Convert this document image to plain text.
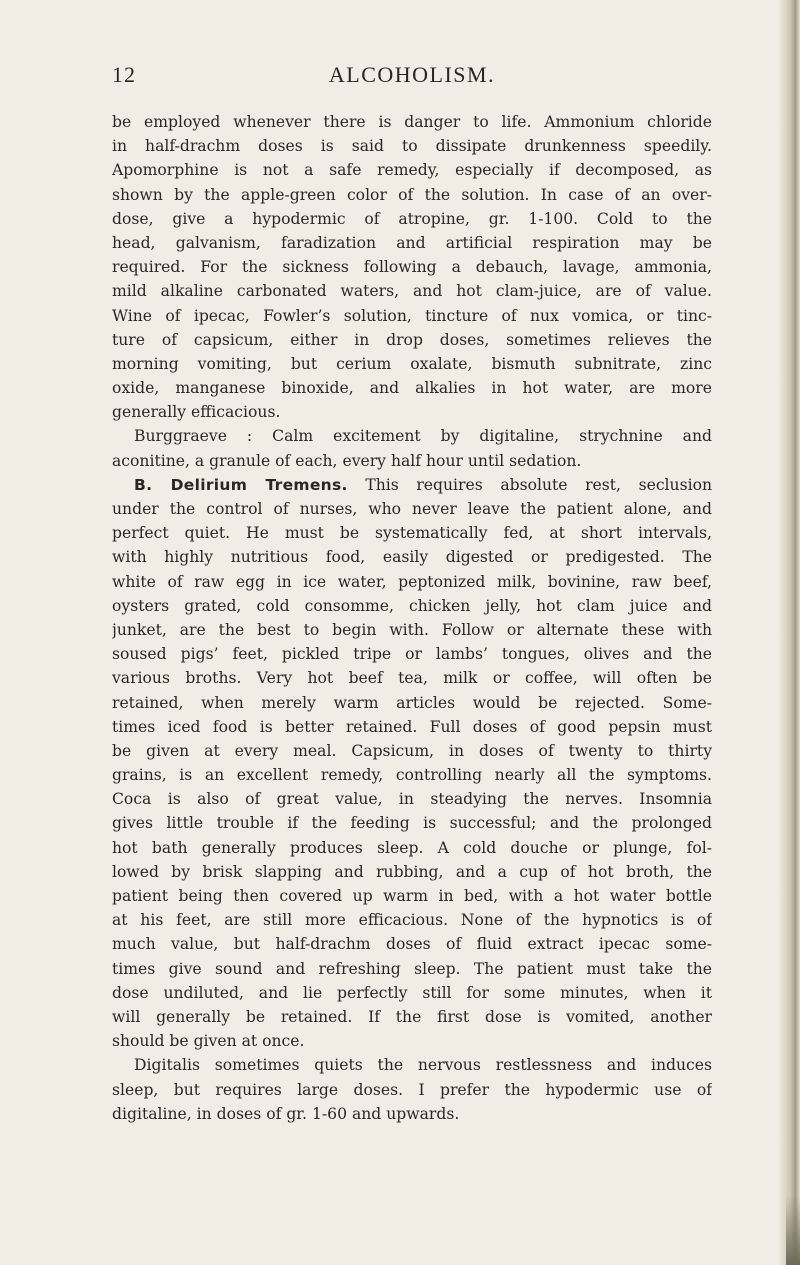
12	ALCOHOLISM.
be employed whenever there is danger to life. Ammonium chloride
in half-drachm doses is said to dissipate drunkenness speedily.
Apomorphine is not a safe remedy, especially if decomposed, as
shown by the apple-green color of the solution. In case of an over-
dose, give a hypodermic of atropine, gr. 1-100. Cold to the
head, galvanism, faradization and artificial respiration may be
required. For the sickness following a debauch, lavage, ammonia,
mild alkaline carbonated waters, and hot clam-juice, are of value.
Wine of ipecac, Fowler’s solution, tincture of nux vomica, or tinc-
ture of capsicum, either in drop doses, sometimes relieves the
morning vomiting, but cerium oxalate, bismuth subnitrate, zinc
oxide, manganese binoxide, and alkalies in hot water, are more
generally efficacious.
Burggraeve : Calm excitement by digitaline, strychnine and
aconitine, a granule of each, every half hour until sedation.
B. Delirium Tremens. This requires absolute rest, seclusion
under the control of nurses, who never leave the patient alone, and
perfect quiet. He must be systematically fed, at short intervals,
with highly nutritious food, easily digested or predigested. The
white of raw egg in ice water, peptonized milk, bovinine, raw beef,
oysters grated, cold consomme, chicken jelly, hot clam juice and
junket, are the best to begin with. Follow or alternate these with
soused pigs’ feet, pickled tripe or lambs’ tongues, olives and the
various broths. Very hot beef tea, milk or coffee, will often be
retained, when merely warm articles would be rejected. Some-
times iced food is better retained. Full doses of good pepsin must
be given at every meal. Capsicum, in doses of twenty to thirty
grains, is an excellent remedy, controlling nearly all the symptoms.
Coca is also of great value, in steadying the nerves. Insomnia
gives little trouble if the feeding is successful; and the prolonged
hot bath generally produces sleep. A cold douche or plunge, fol-
lowed by brisk slapping and rubbing, and a cup of hot broth, the
patient being then covered up warm in bed, with a hot water bottle
at his feet, are still more efficacious. None of the hypnotics is of
much value, but half-drachm doses of fluid extract ipecac some-
times give sound and refreshing sleep. The patient must take the
dose undiluted, and lie perfectly still for some minutes, when it
will generally be retained. If the first dose is vomited, another
should be given at once.
Digitalis sometimes quiets the nervous restlessness and induces
sleep, but requires large doses. I prefer the hypodermic use of
digitaline, in doses of gr. 1-60 and upwards.
